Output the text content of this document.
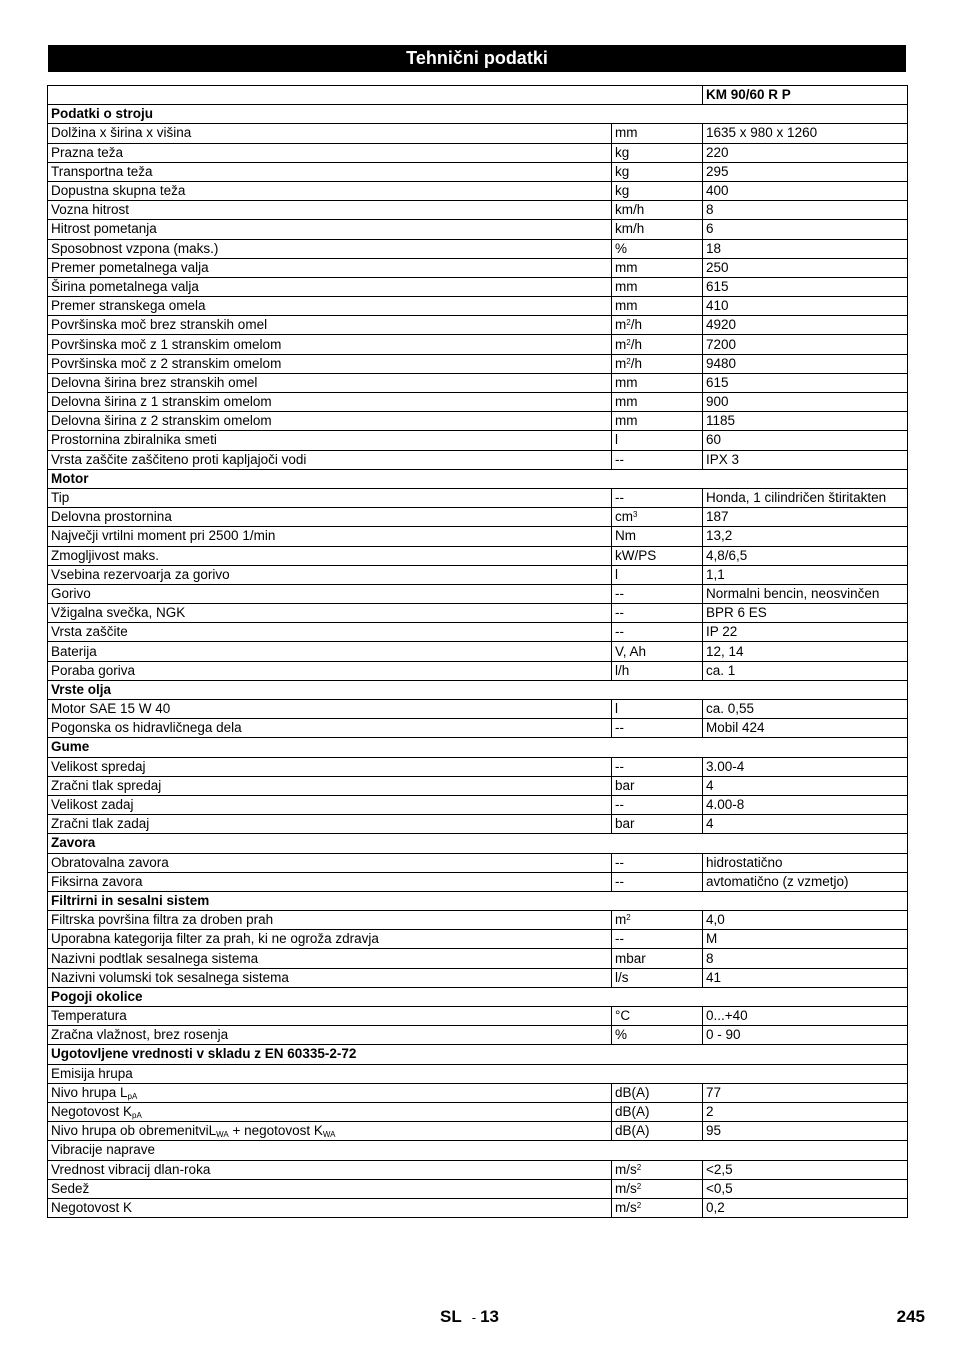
Tehnični podatki
		KM 90/60 R P
Podatki o stroju		
Dolžina x širina x višina	mm	1635 x 980 x 1260
Prazna teža	kg	220
Transportna teža	kg	295
Dopustna skupna teža	kg	400
Vozna hitrost	km/h	8
Hitrost pometanja	km/h	6
Sposobnost vzpona (maks.)	%	18
Premer pometalnega valja	mm	250
Širina pometalnega valja	mm	615
Premer stranskega omela	mm	410
Površinska moč brez stranskih omel	$m^2/h$	4920
Površinska moč z 1 stranskim omelom	$m^2/h$	7200
Površinska moč z 2 stranskim omelom	$m^2/h$	9480
Delovna širina brez stranskih omel	mm	615
Delovna širina z 1 stranskim omelom	mm	900
Delovna širina z 2 stranskim omelom	mm	1185
Prostornina zbiralnika smeti	l	60
Vrsta zaščite zaščiteno proti kapljajoči vodi	--	IPX 3
Motor		
Tip	--	Honda, 1 cilindričen štiritakten
Delovna prostornina	$cm^3$	187
Največji vrtilni moment pri 2500 1/min	Nm	13,2
Zmogljivost maks.	kW/PS	4,8/6,5
Vsebina rezervoarja za gorivo	l	1,1
Gorivo	--	Normalni bencin, neosvinčen
Vžigalna svečka, NGK	--	BPR 6 ES
Vrsta zaščite	--	IP 22
Baterija	V, Ah	12, 14
Poraba goriva	l/h	ca. 1
Vrste olja		
Motor SAE 15 W 40	l	ca. 0,55
Pogonska os hidravličnega dela	--	Mobil 424
Gume		
Velikost spredaj	--	3.00-4
Zračni tlak spredaj	bar	4
Velikost zadaj	--	4.00-8
Zračni tlak zadaj	bar	4
Zavora		
Obratovalna zavora	--	hidrostatično
Fiksirna zavora	--	avtomatično (z vzmetjo)
Filtrirni in sesalni sistem		
Filtrska površina filtra za droben prah	$m^2$	4,0
Uporabna kategorija filter za prah, ki ne ogroža zdravja	--	M
Nazivni podtlak sesalnega sistema	mbar	8
Nazivni volumski tok sesalnega sistema	l/s	41
Pogoji okolice		
Temperatura	°C	0...+40
Zračna vlažnost, brez rosenja	%	0 - 90
Ugotovljene vrednosti v skladu z EN 60335-2-72		
Emisija hrupa		
Nivo hrupa $L_{pA}$	dB(A)	77
Negotovost $K_{pA}$	dB(A)	2
Nivo hrupa ob obremenitviL$_{WA}$ + negotovost $K_{WA}$	dB(A)	95
Vibracije naprave		
Vrednost vibracij dlan-roka	$m/s^2$	<2,5
Sedež	$m/s^2$	<0,5
Negotovost K	$m/s^2$	0,2
SL - 13	245
